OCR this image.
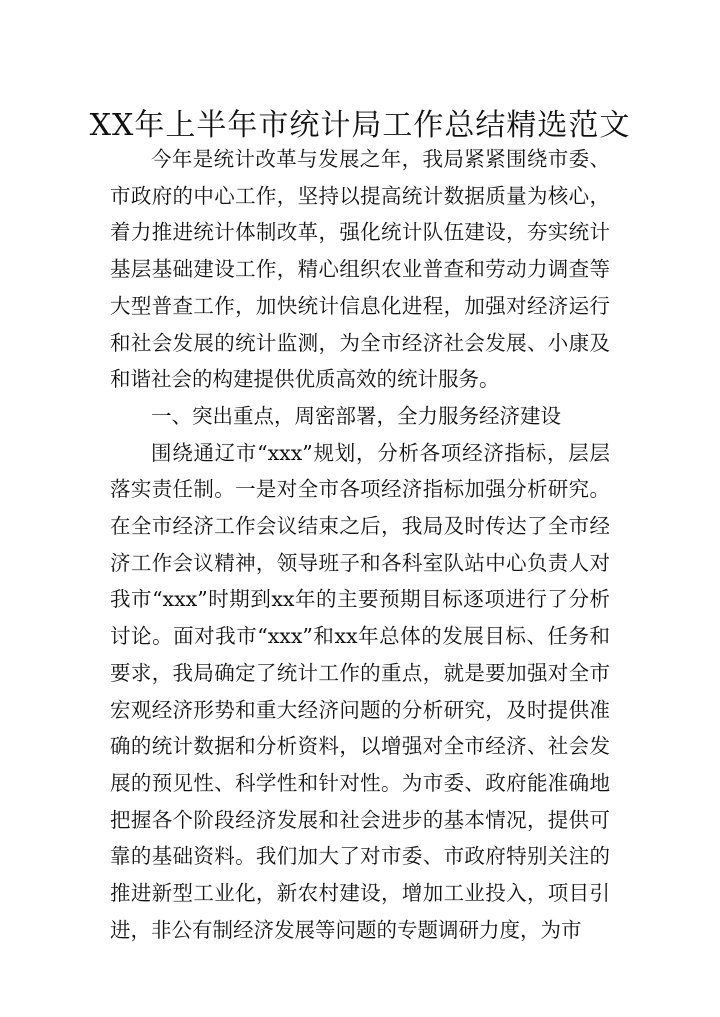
XX年上半年市统计局工作总结精选范文

今年是统计改革与发展之年，我局紧紧围绕市委、市政府的中心工作，坚持以提高统计数据质量为核心，着力推进统计体制改革，强化统计队伍建设，夯实统计基层基础建设工作，精心组织农业普查和劳动力调查等大型普查工作，加快统计信息化进程，加强对经济运行和社会发展的统计监测，为全市经济社会发展、小康及和谐社会的构建提供优质高效的统计服务。

一、突出重点，周密部署，全力服务经济建设

围绕通辽市“xxx”规划，分析各项经济指标，层层落实责任制。一是对全市各项经济指标加强分析研究。在全市经济工作会议结束之后，我局及时传达了全市经济工作会议精神，领导班子和各科室队站中心负责人对我市“xxx”时期到xx年的主要预期目标逐项进行了分析讨论。面对我市“xxx”和xx年总体的发展目标、任务和要求，我局确定了统计工作的重点，就是要加强对全市宏观经济形势和重大经济问题的分析研究，及时提供准确的统计数据和分析资料，以增强对全市经济、社会发展的预见性、科学性和针对性。为市委、政府能准确地把握各个阶段经济发展和社会进步的基本情况，提供可靠的基础资料。我们加大了对市委、市政府特别关注的推进新型工业化，新农村建设，增加工业投入，项目引进，非公有制经济发展等问题的专题调研力度，为市
